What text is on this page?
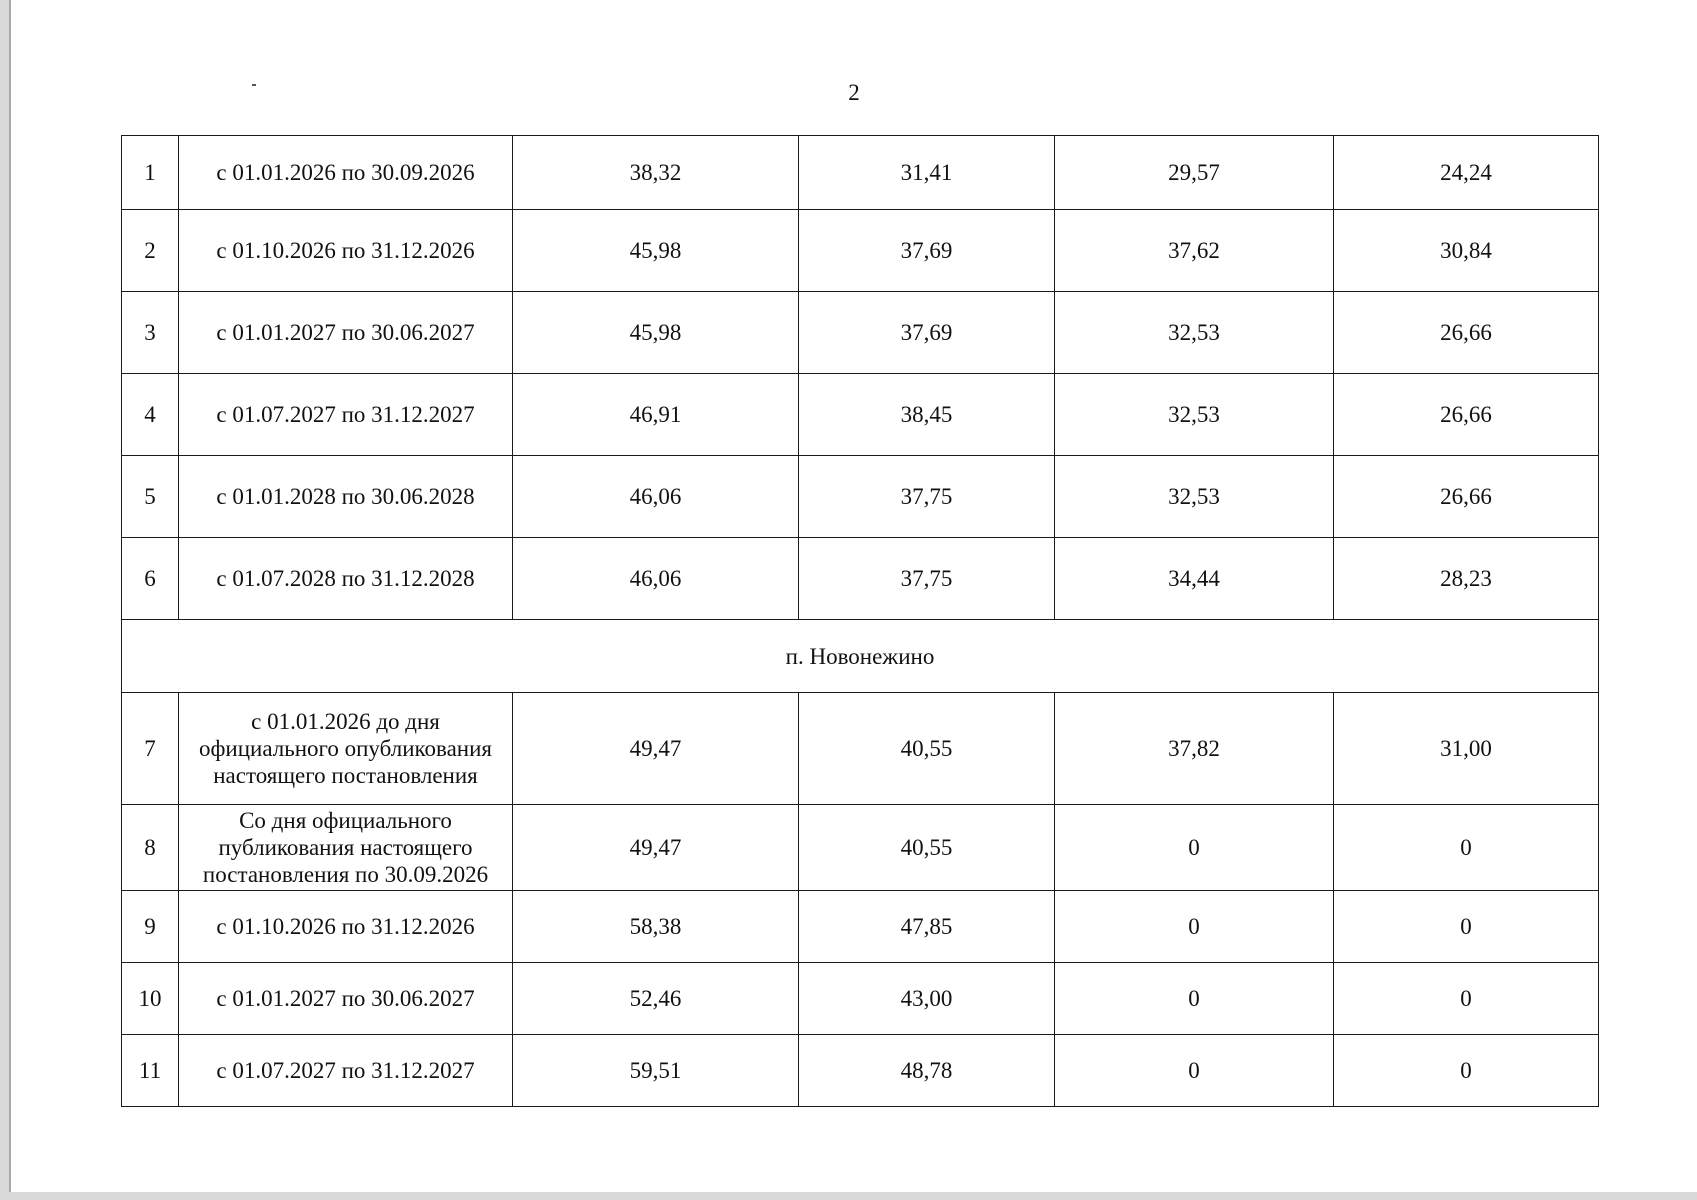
2
1	с 01.01.2026 по 30.09.2026	38,32	31,41	29,57	24,24
2	с 01.10.2026 по 31.12.2026	45,98	37,69	37,62	30,84
3	с 01.01.2027 по 30.06.2027	45,98	37,69	32,53	26,66
4	с 01.07.2027 по 31.12.2027	46,91	38,45	32,53	26,66
5	с 01.01.2028 по 30.06.2028	46,06	37,75	32,53	26,66
6	с 01.07.2028 по 31.12.2028	46,06	37,75	34,44	28,23
п. Новонежино					
7	с 01.01.2026 до дня официального опубликования настоящего постановления	49,47	40,55	37,82	31,00
8	Со дня официального публикования настоящего постановления по 30.09.2026	49,47	40,55	0	0
9	с 01.10.2026 по 31.12.2026	58,38	47,85	0	0
10	с 01.01.2027 по 30.06.2027	52,46	43,00	0	0
11	с 01.07.2027 по 31.12.2027	59,51	48,78	0	0
